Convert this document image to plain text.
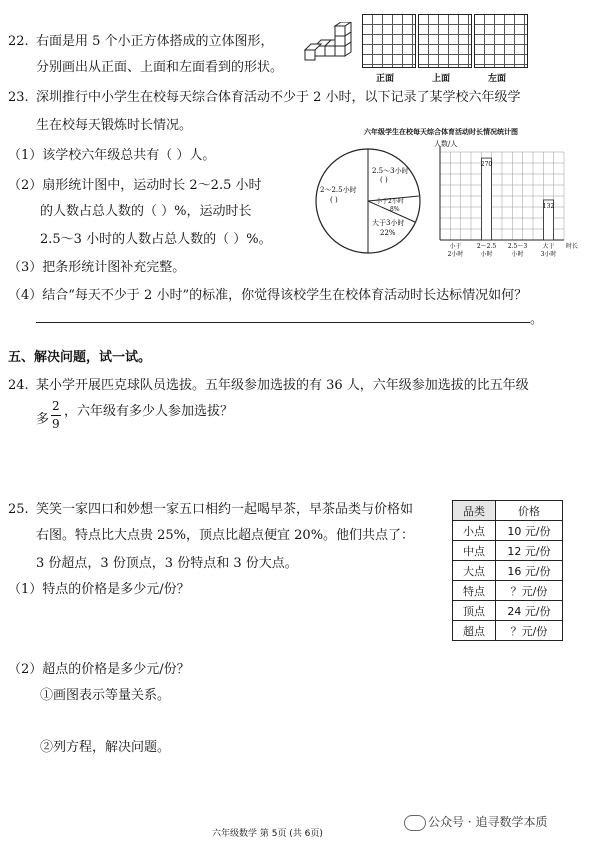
22. 右面是用 5 个小正方体搭成的立体图形，
分别画出从正面、上面和左面看到的形状。
正面	上面	左面
23. 深圳推行中小学生在校每天综合体育活动不少于 2 小时，以下记录了某学校六年级学
生在校每天锻炼时长情况。
（1）该学校六年级总共有（ ）人。
（2）扇形统计图中，运动时长 2～2.5 小时
的人数占总人数的（ ）%，运动时长
2.5～3 小时的人数占总人数的（ ）%。
（3）把条形统计图补充完整。
（4）结合“每天不少于 2 小时”的标准，你觉得该校学生在校体育活动时长达标情况如何？
。
2.5～3小时
( )
2～2.5小时
( )	小于2小时
8%
大于3小时
22%
六年级学生在校每天综合体育活动时长情况统计图
人数/人
小于
2小时
270
2～2.5
小时
2.5～3
小时
132
大于
3小时
时长
五、解决问题，试一试。
24. 某小学开展匹克球队员选拔。五年级参加选拔的有 36 人，六年级参加选拔的比五年级
多
2
9
，六年级有多少人参加选拔？
25. 笑笑一家四口和妙想一家五口相约一起喝早茶，早茶品类与价格如
右图。特点比大点贵 25%，顶点比超点便宜 20%。他们共点了：
3 份超点，3 份顶点，3 份特点和 3 份大点。
（1）特点的价格是多少元/份？
（2）超点的价格是多少元/份？
①画图表示等量关系。
②列方程，解决问题。
品类	价格
小点	10 元/份
中点	12 元/份
大点	16 元/份
特点	？元/份
顶点	24 元/份
超点	？元/份
六年级数学 第 5页 (共 6页)
公众号 · 追寻数学本质
